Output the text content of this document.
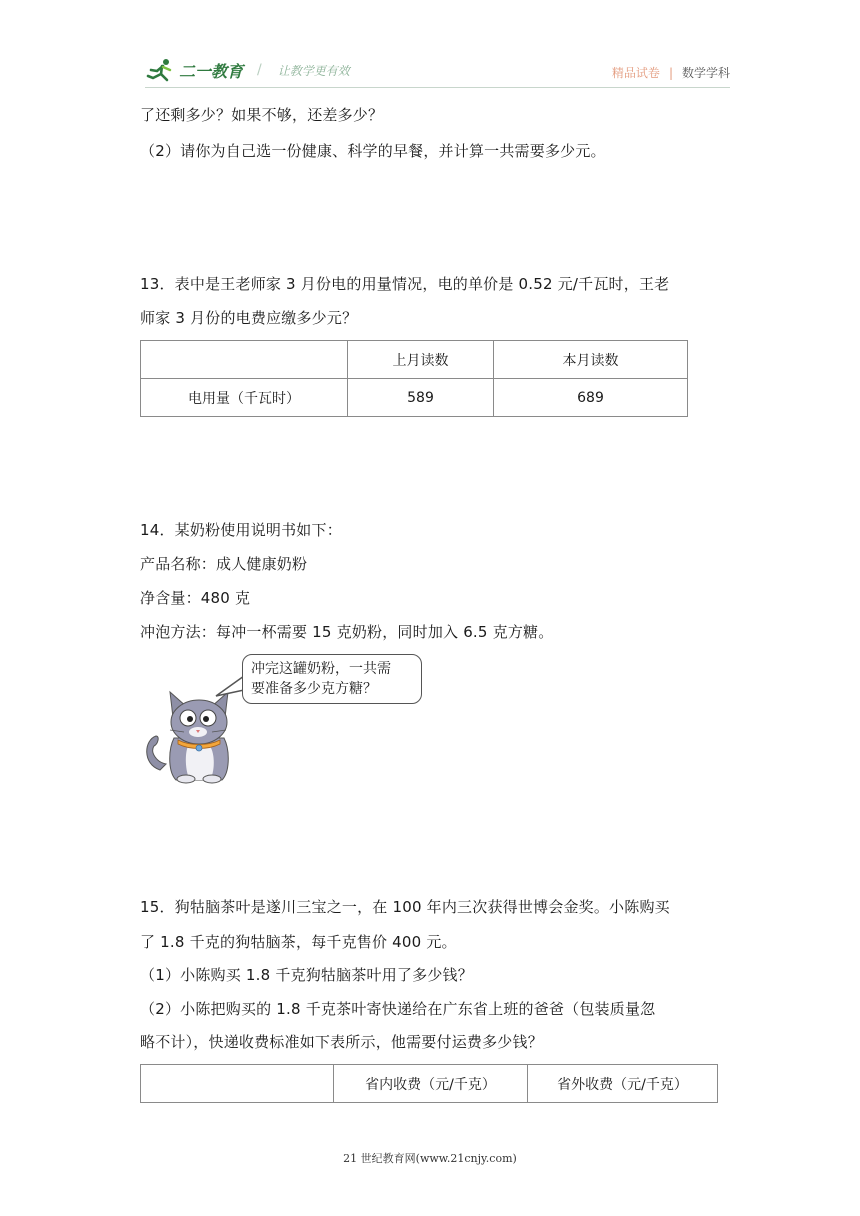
二一教育 / 让教学更有效	精品试卷 | 数学学科
了还剩多少？如果不够，还差多少？
（2）请你为自己选一份健康、科学的早餐，并计算一共需要多少元。
13．表中是王老师家 3 月份电的用量情况，电的单价是 0.52 元/千瓦时，王老
师家 3 月份的电费应缴多少元？
	上月读数	本月读数
电用量（千瓦时）	589	689
14．某奶粉使用说明书如下：
产品名称：成人健康奶粉
净含量：480 克
冲泡方法：每冲一杯需要 15 克奶粉，同时加入 6.5 克方糖。
冲完这罐奶粉，一共需
要准备多少克方糖？
15．狗牯脑茶叶是遂川三宝之一，在 100 年内三次获得世博会金奖。小陈购买
了 1.8 千克的狗牯脑茶，每千克售价 400 元。
（1）小陈购买 1.8 千克狗牯脑茶叶用了多少钱？
（2）小陈把购买的 1.8 千克茶叶寄快递给在广东省上班的爸爸（包装质量忽
略不计），快递收费标准如下表所示，他需要付运费多少钱？
	省内收费（元/千克）	省外收费（元/千克）
21 世纪教育网(www.21cnjy.com)
